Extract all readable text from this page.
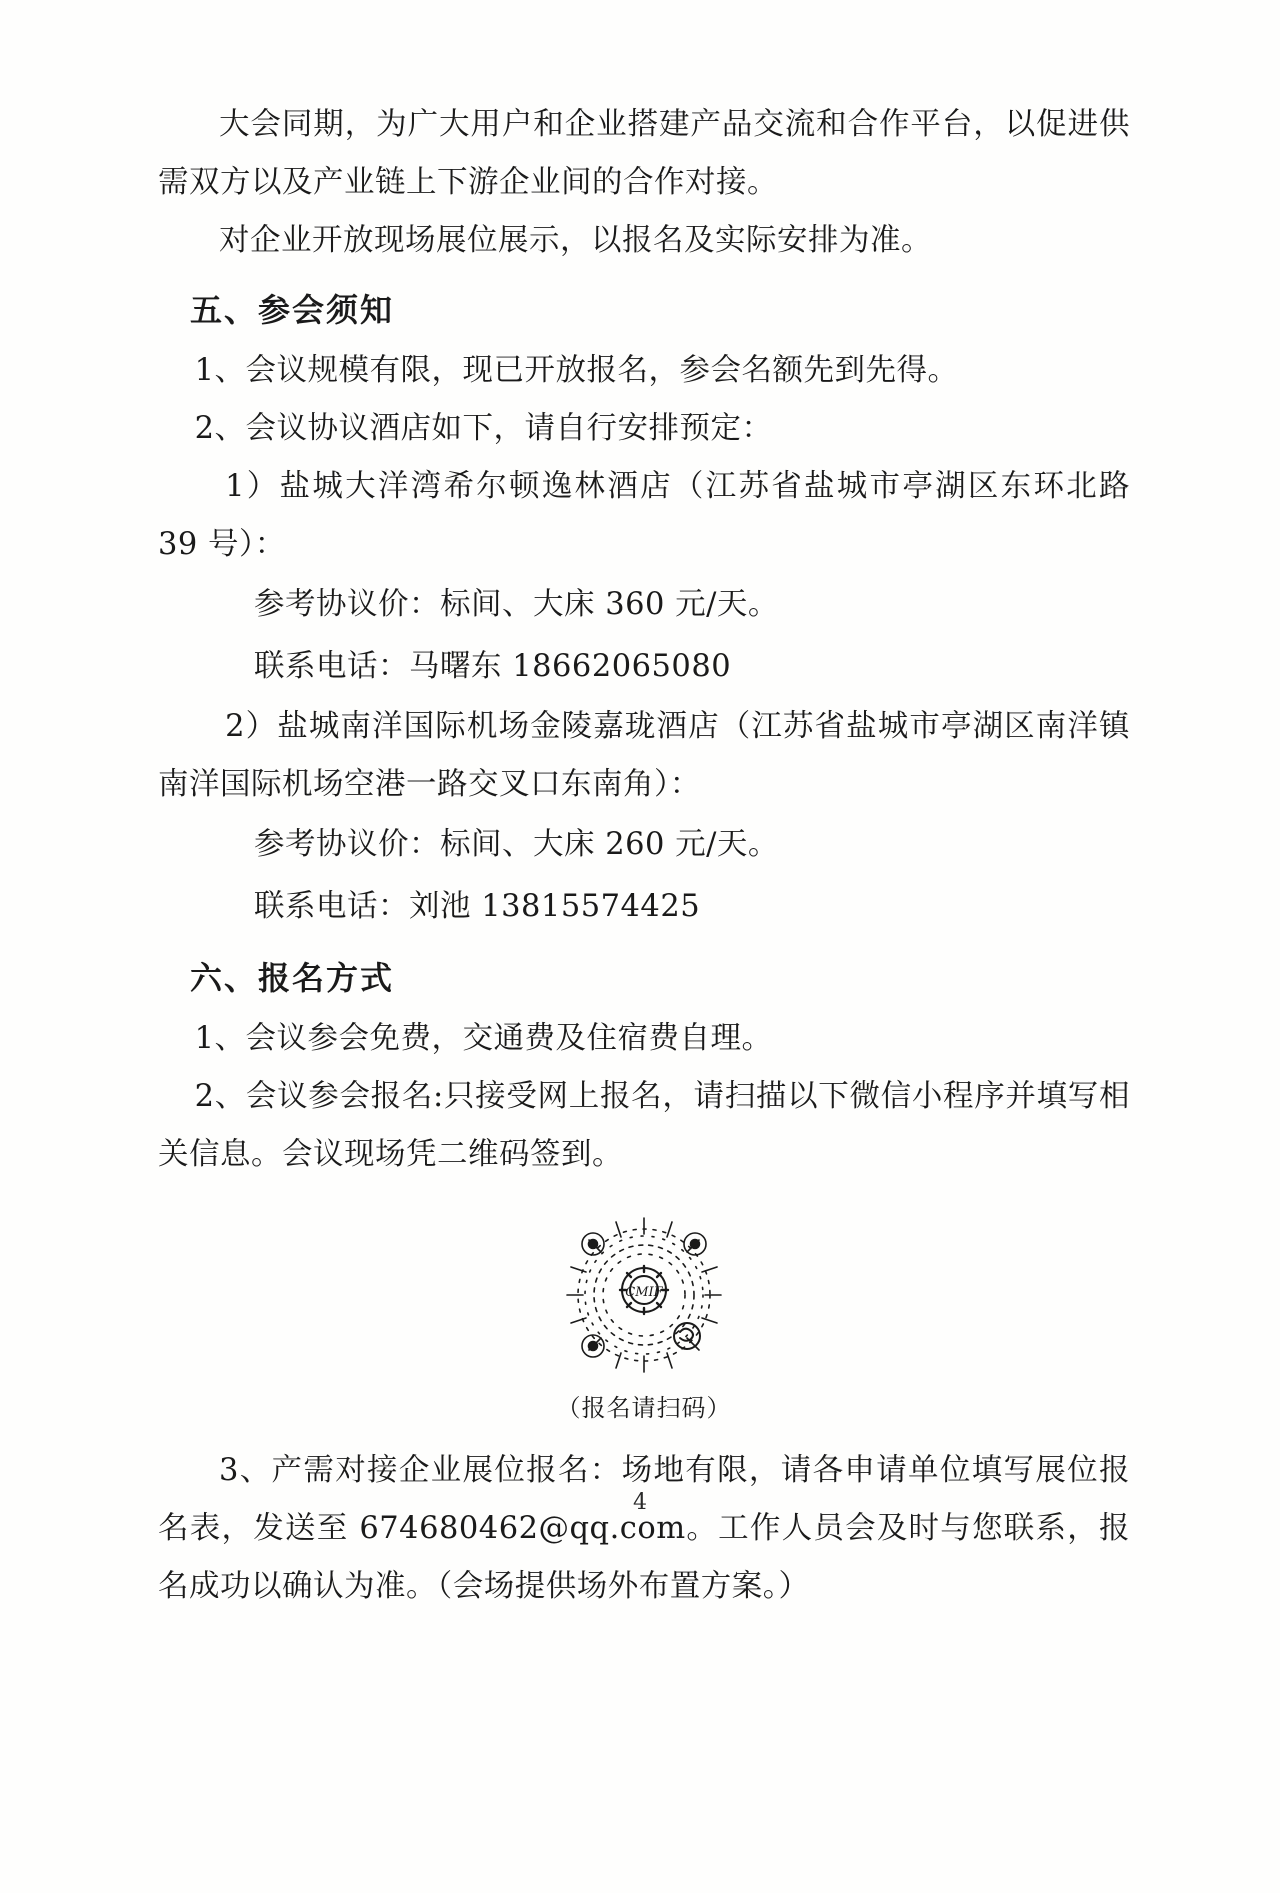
大会同期，为广大用户和企业搭建产品交流和合作平台，以促进供需双方以及产业链上下游企业间的合作对接。

对企业开放现场展位展示，以报名及实际安排为准。

五、参会须知

1、会议规模有限，现已开放报名，参会名额先到先得。

2、会议协议酒店如下，请自行安排预定：

1）盐城大洋湾希尔顿逸林酒店（江苏省盐城市亭湖区东环北路 39 号）：

参考协议价：标间、大床 360 元/天。

联系电话：马曙东 18662065080

2）盐城南洋国际机场金陵嘉珑酒店（江苏省盐城市亭湖区南洋镇南洋国际机场空港一路交叉口东南角）：

参考协议价：标间、大床 260 元/天。

联系电话：刘池 13815574425

六、报名方式

1、会议参会免费，交通费及住宿费自理。

2、会议参会报名:只接受网上报名，请扫描以下微信小程序并填写相关信息。会议现场凭二维码签到。

CMIF
（报名请扫码）

3、产需对接企业展位报名：场地有限，请各申请单位填写展位报名表，发送至 674680462@qq.com。工作人员会及时与您联系，报名成功以确认为准。（会场提供场外布置方案。）

4
